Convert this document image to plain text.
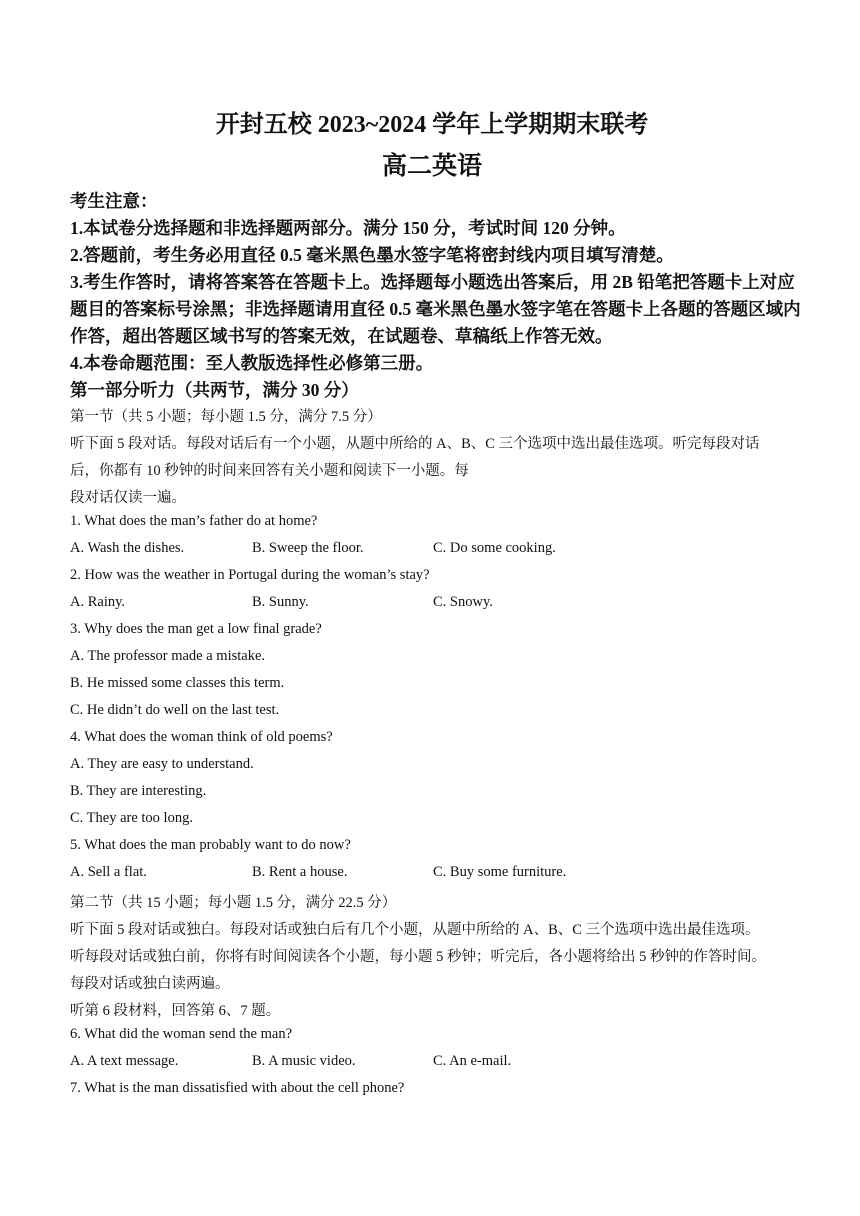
开封五校 2023~2024 学年上学期期末联考
高二英语
考生注意：
1.本试卷分选择题和非选择题两部分。满分 150 分，考试时间 120 分钟。
2.答题前，考生务必用直径 0.5 毫米黑色墨水签字笔将密封线内项目填写清楚。
3.考生作答时，请将答案答在答题卡上。选择题每小题选出答案后，用 2B 铅笔把答题卡上对应
题目的答案标号涂黑；非选择题请用直径 0.5 毫米黑色墨水签字笔在答题卡上各题的答题区域内
作答，超出答题区域书写的答案无效，在试题卷、草稿纸上作答无效。
4.本卷命题范围：至人教版选择性必修第三册。
第一部分听力（共两节，满分 30 分）
第一节（共 5 小题；每小题 1.5 分，满分 7.5 分）
听下面 5 段对话。每段对话后有一个小题，从题中所给的 A、B、C 三个选项中选出最佳选项。听完每段对话
后，你都有 10 秒钟的时间来回答有关小题和阅读下一小题。每
段对话仅读一遍。
1. What does the man’s father do at home?
A. Wash the dishes.	B. Sweep the floor.	C. Do some cooking.
2. How was the weather in Portugal during the woman’s stay?
A. Rainy.	B. Sunny.	C. Snowy.
3. Why does the man get a low final grade?
A. The professor made a mistake.
B. He missed some classes this term.
C. He didn’t do well on the last test.
4. What does the woman think of old poems?
A. They are easy to understand.
B. They are interesting.
C. They are too long.
5. What does the man probably want to do now?
A. Sell a flat.	B. Rent a house.	C. Buy some furniture.
第二节（共 15 小题；每小题 1.5 分，满分 22.5 分）
听下面 5 段对话或独白。每段对话或独白后有几个小题，从题中所给的 A、B、C 三个选项中选出最佳选项。
听每段对话或独白前，你将有时间阅读各个小题，每小题 5 秒钟；听完后，各小题将给出 5 秒钟的作答时间。
每段对话或独白读两遍。
听第 6 段材料，回答第 6、7 题。
6. What did the woman send the man?
A. A text message.	B. A music video.	C. An e-mail.
7. What is the man dissatisfied with about the cell phone?
